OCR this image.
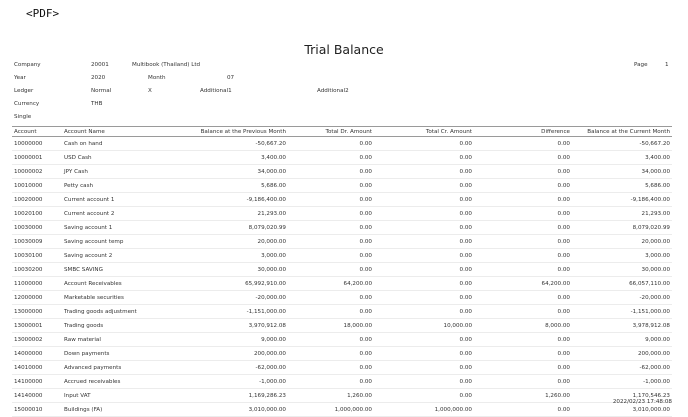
<PDF>
Trial Balance
Company	20001	Multibook (Thailand) Ltd	Page	1
Year	2020	Month	07
Ledger	Normal	X	Additional1	Additional2
Currency	THB
Single
Account	Account Name	Balance at the Previous Month	Total Dr. Amount	Total Cr. Amount	Difference	Balance at the Current Month
10000000	Cash on hand	-50,667.20	0.00	0.00	0.00	-50,667.20
10000001	USD Cash	3,400.00	0.00	0.00	0.00	3,400.00
10000002	JPY Cash	34,000.00	0.00	0.00	0.00	34,000.00
10010000	Petty cash	5,686.00	0.00	0.00	0.00	5,686.00
10020000	Current account 1	-9,186,400.00	0.00	0.00	0.00	-9,186,400.00
10020100	Current account 2	21,293.00	0.00	0.00	0.00	21,293.00
10030000	Saving account 1	8,079,020.99	0.00	0.00	0.00	8,079,020.99
10030009	Saving account temp	20,000.00	0.00	0.00	0.00	20,000.00
10030100	Saving account 2	3,000.00	0.00	0.00	0.00	3,000.00
10030200	SMBC SAVING	30,000.00	0.00	0.00	0.00	30,000.00
11000000	Account Receivables	65,992,910.00	64,200.00	0.00	64,200.00	66,057,110.00
12000000	Marketable securities	-20,000.00	0.00	0.00	0.00	-20,000.00
13000000	Trading goods adjustment	-1,151,000.00	0.00	0.00	0.00	-1,151,000.00
13000001	Trading goods	3,970,912.08	18,000.00	10,000.00	8,000.00	3,978,912.08
13000002	Raw material	9,000.00	0.00	0.00	0.00	9,000.00
14000000	Down payments	200,000.00	0.00	0.00	0.00	200,000.00
14010000	Advanced payments	-62,000.00	0.00	0.00	0.00	-62,000.00
14100000	Accrued receivables	-1,000.00	0.00	0.00	0.00	-1,000.00
14140000	Input VAT	1,169,286.23	1,260.00	0.00	1,260.00	1,170,546.23
15000010	Buildings (FA)	3,010,000.00	1,000,000.00	1,000,000.00	0.00	3,010,000.00
2022/02/23 17:48:08
